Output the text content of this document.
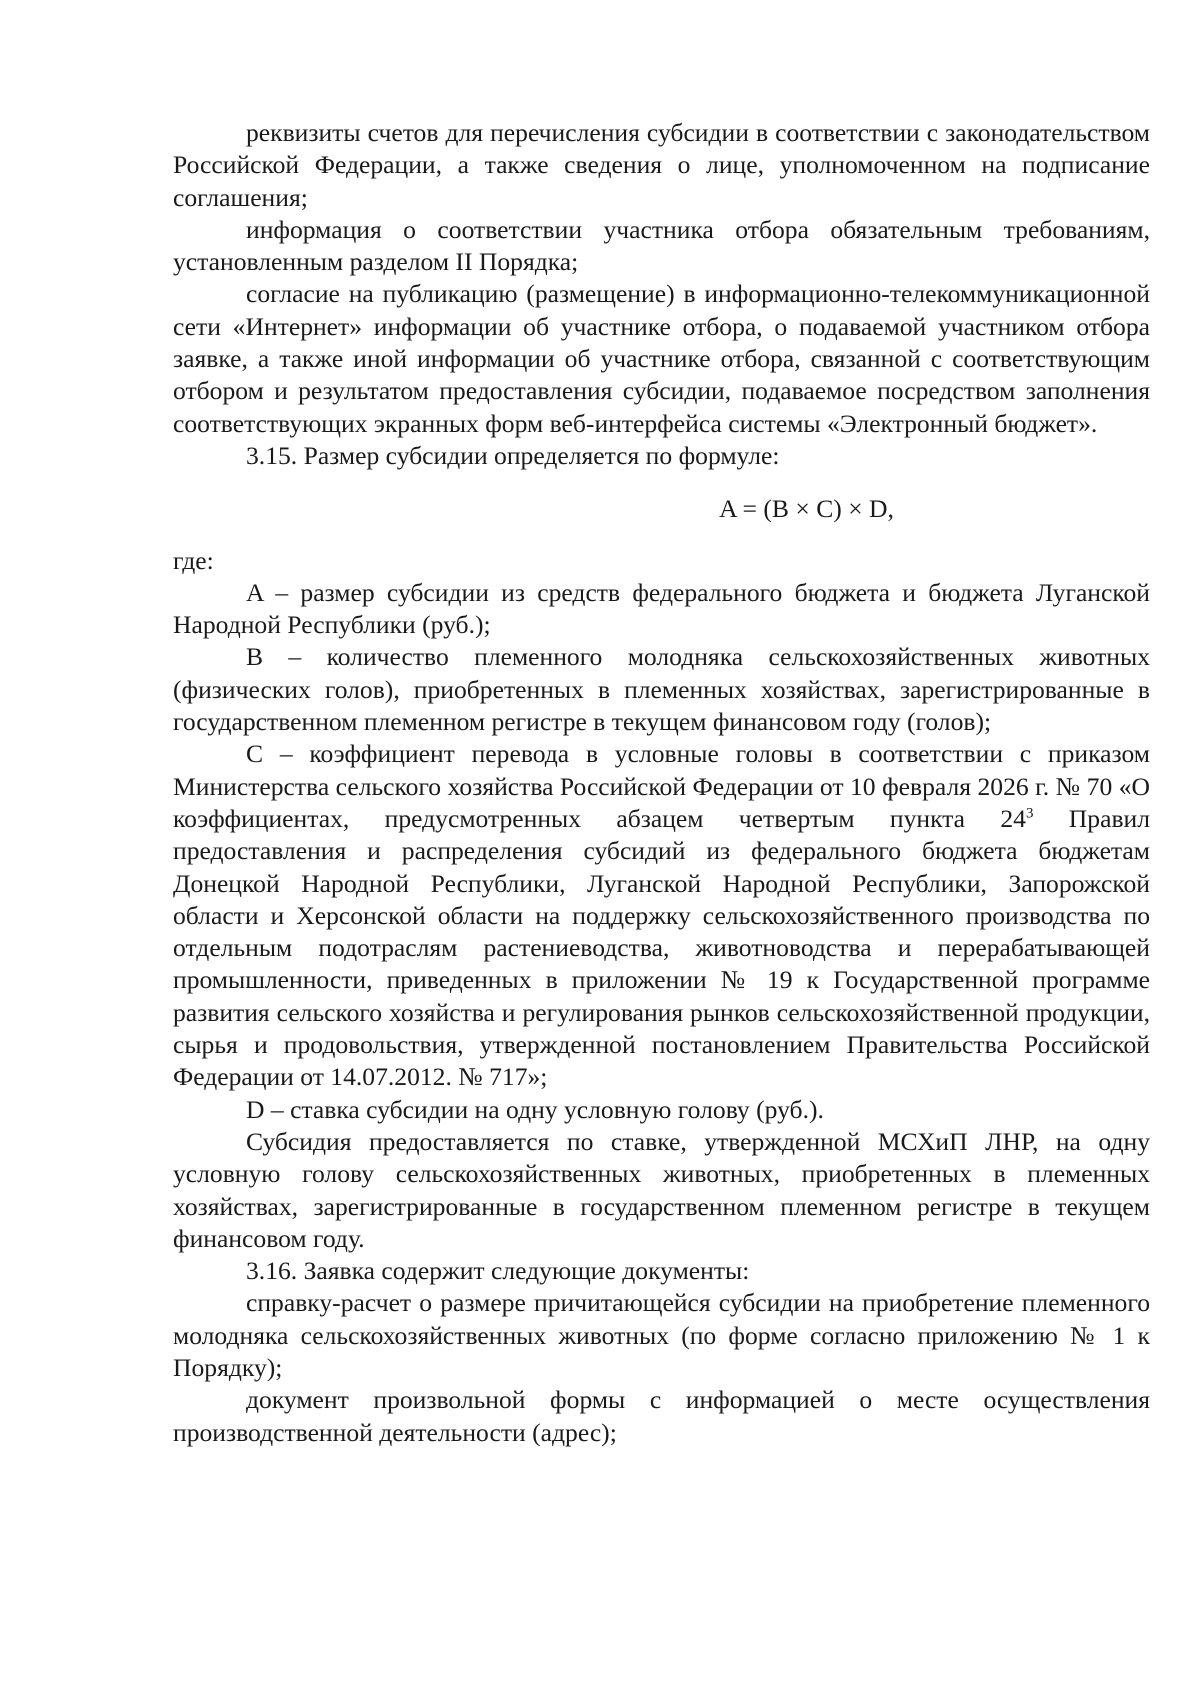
реквизиты счетов для перечисления субсидии в соответствии с законодательством Российской Федерации, а также сведения о лице, уполномоченном на подписание соглашения;

информация о соответствии участника отбора обязательным требованиям, установленным разделом II Порядка;

согласие на публикацию (размещение) в информационно-телекоммуникационной сети «Интернет» информации об участнике отбора, о подаваемой участником отбора заявке, а также иной информации об участнике отбора, связанной с соответствующим отбором и результатом предоставления субсидии, подаваемое посредством заполнения соответствующих экранных форм веб-интерфейса системы «Электронный бюджет».

3.15. Размер субсидии определяется по формуле:

A = (B × C) × D,

где:

A – размер субсидии из средств федерального бюджета и бюджета Луганской Народной Республики (руб.);

B – количество племенного молодняка сельскохозяйственных животных (физических голов), приобретенных в племенных хозяйствах, зарегистрированные в государственном племенном регистре в текущем финансовом году (голов);

C – коэффициент перевода в условные головы в соответствии с приказом Министерства сельского хозяйства Российской Федерации от 10 февраля 2026 г. № 70 «О коэффициентах, предусмотренных абзацем четвертым пункта $24^3$ Правил предоставления и распределения субсидий из федерального бюджета бюджетам Донецкой Народной Республики, Луганской Народной Республики, Запорожской области и Херсонской области на поддержку сельскохозяйственного производства по отдельным подотраслям растениеводства, животноводства и перерабатывающей промышленности, приведенных в приложении № 19 к Государственной программе развития сельского хозяйства и регулирования рынков сельскохозяйственной продукции, сырья и продовольствия, утвержденной постановлением Правительства Российской Федерации от 14.07.2012. № 717»;

D – ставка субсидии на одну условную голову (руб.).

Субсидия предоставляется по ставке, утвержденной МСХиП ЛНР, на одну условную голову сельскохозяйственных животных, приобретенных в племенных хозяйствах, зарегистрированные в государственном племенном регистре в текущем финансовом году.

3.16. Заявка содержит следующие документы:

справку-расчет о размере причитающейся субсидии на приобретение племенного молодняка сельскохозяйственных животных (по форме согласно приложению № 1 к Порядку);

документ произвольной формы с информацией о месте осуществления производственной деятельности (адрес);
